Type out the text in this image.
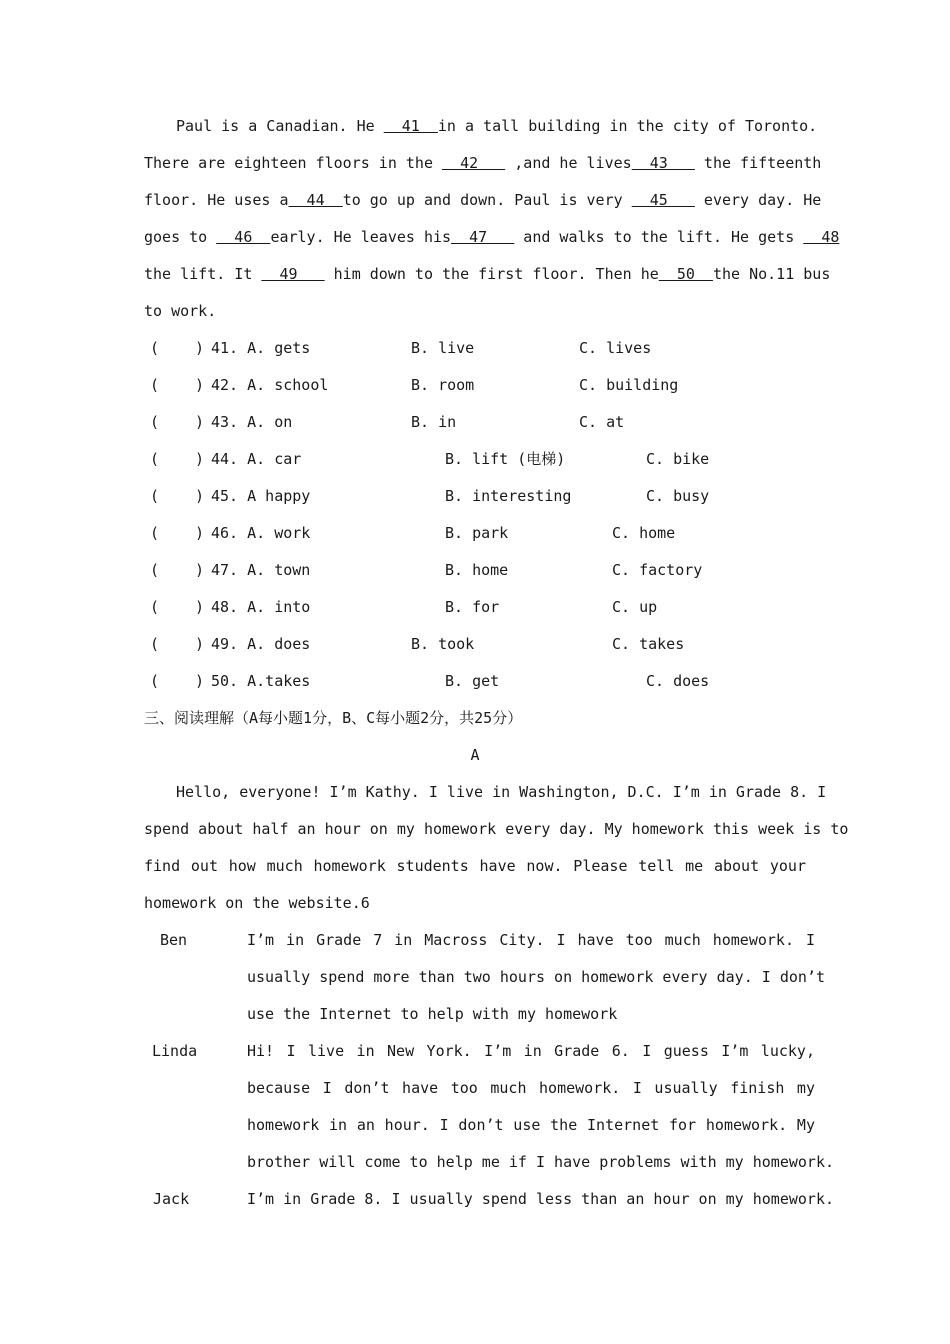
Paul is a Canadian. He   41  in a tall building in the city of Toronto.
There are eighteen floors in the   42    ,and he lives  43    the fifteenth
floor. He uses a  44  to go up and down. Paul is very   45    every day. He
goes to   46  early. He leaves his  47    and walks to the lift. He gets   48
the lift. It   49    him down to the first floor. Then he  50  the No.11 bus
to work.
( ) 41. A. gets	B. live	C. lives
( ) 42. A. school	B. room	C. building
( ) 43. A. on	B. in	C. at
( ) 44. A. car	B. lift (电梯)	C. bike
( ) 45. A happy	B. interesting	C. busy
( ) 46. A. work	B. park	C. home
( ) 47. A. town	B. home	C. factory
( ) 48. A. into	B. for	C. up
( ) 49. A. does	B. took	C. takes
( ) 50. A.takes	B. get	C. does
三、阅读理解（A每小题1分，B、C每小题2分，共25分）
A
Hello, everyone! I’m Kathy. I live in Washington, D.C. I’m in Grade 8. I
spend about half an hour on my homework every day. My homework this week is to
find out how much homework students have now. Please tell me about your
homework on the website.6
Ben	I’m in Grade 7 in Macross City. I have too much homework. I
usually spend more than two hours on homework every day. I don’t
use the Internet to help with my homework
Linda	Hi! I live in New York. I’m in Grade 6. I guess I’m lucky,
because I don’t have too much homework. I usually finish my
homework in an hour. I don’t use the Internet for homework. My
brother will come to help me if I have problems with my homework.
Jack	I’m in Grade 8. I usually spend less than an hour on my homework.
